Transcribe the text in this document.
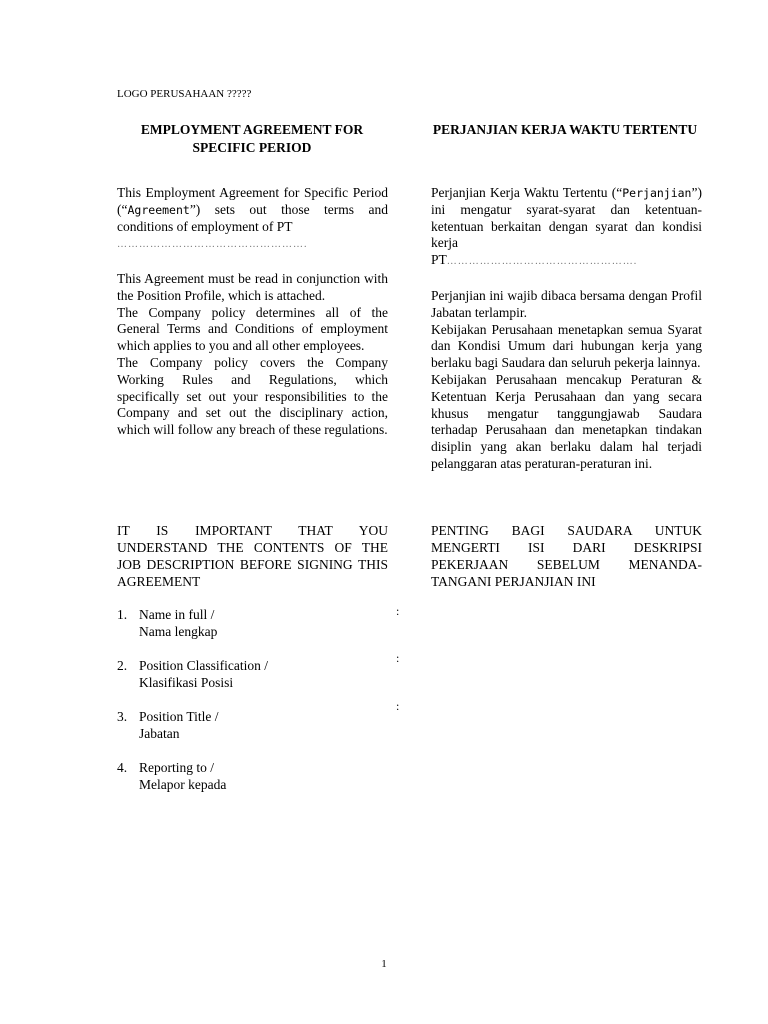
LOGO PERUSAHAAN ?????
EMPLOYMENT AGREEMENT FOR SPECIFIC PERIOD
PERJANJIAN KERJA WAKTU TERTENTU
This Employment Agreement for Specific Period (“Agreement”) sets out those terms and conditions of employment of PT
…………………………………………….
This Agreement must be read in conjunction with the Position Profile, which is attached.
The Company policy determines all of the General Terms and Conditions of employment which applies to you and all other employees.
The Company policy covers the Company Working Rules and Regulations, which specifically set out your responsibilities to the Company and set out the disciplinary action, which will follow any breach of these regulations.
IT IS IMPORTANT THAT YOU UNDERSTAND THE CONTENTS OF THE JOB DESCRIPTION BEFORE SIGNING THIS AGREEMENT
Perjanjian Kerja Waktu Tertentu (“Perjanjian”) ini mengatur syarat-syarat dan ketentuan-ketentuan berkaitan dengan syarat dan kondisi kerja
PT…………………………………………….
Perjanjian ini wajib dibaca bersama dengan Profil Jabatan terlampir.
Kebijakan Perusahaan menetapkan semua Syarat dan Kondisi Umum dari hubungan kerja yang berlaku bagi Saudara dan seluruh pekerja lainnya.
Kebijakan Perusahaan mencakup Peraturan & Ketentuan Kerja Perusahaan dan yang secara khusus mengatur tanggungjawab Saudara terhadap Perusahaan dan menetapkan tindakan disiplin yang akan berlaku dalam hal terjadi pelanggaran atas peraturan-peraturan ini.
PENTING BAGI SAUDARA UNTUK MENGERTI ISI DARI DESKRIPSI PEKERJAAN SEBELUM MENANDA-TANGANI PERJANJIAN INI
1. Name in full /
Nama lengkap
:
2. Position Classification /
Klasifikasi Posisi
:
3. Position Title /
Jabatan
:
4. Reporting to /
Melapor kepada
1
